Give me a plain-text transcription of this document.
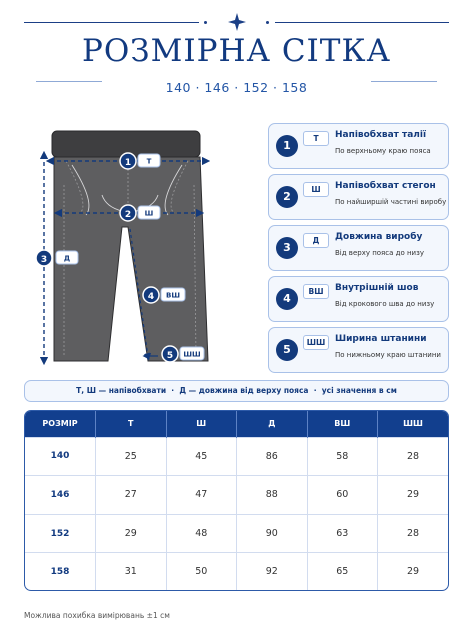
РОЗМІРНА СІТКА
140 · 146 · 152 · 158
1 Т
2 Ш
3 Д
4 ВШ
5 ШШ
1
Т	Напівобхват талії
По верхньому краю пояса
2
Ш	Напівобхват стегон
По найширшій частині виробу
3
Д	Довжина виробу
Від верху пояса до низу
4
ВШ	Внутрішній шов
Від крокового шва до низу
5
ШШ	Ширина штанини
По нижньому краю штанини
Т, Ш — напівобхвати  ·  Д — довжина від верху пояса  ·  усі значення в см
РОЗМІР	Т	Ш	Д	ВШ	ШШ
140	25	45	86	58	28
146	27	47	88	60	29
152	29	48	90	63	28
158	31	50	92	65	29
Можлива похибка вимірювань ±1 см
